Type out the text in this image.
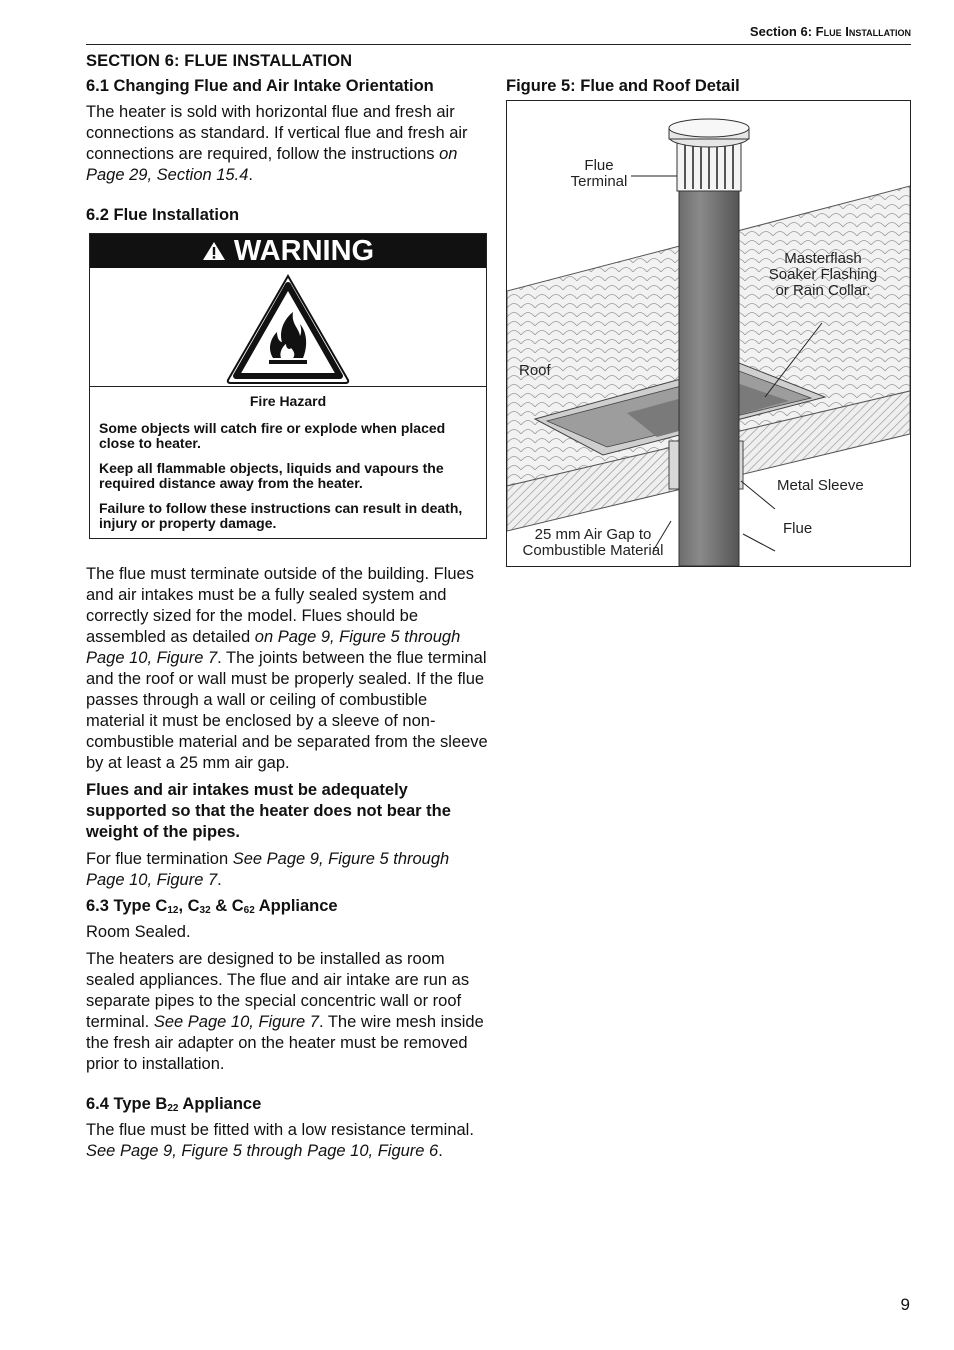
Section 6: Flue Installation
SECTION 6: FLUE INSTALLATION
6.1 Changing Flue and Air Intake Orientation

The heater is sold with horizontal flue and fresh air connections as standard. If vertical flue and fresh air connections are required, follow the instructions on Page 29, Section 15.4.

6.2 Flue Installation
WARNING
Fire Hazard
Some objects will catch fire or explode when placed close to heater.
Keep all flammable objects, liquids and vapours the required distance away from the heater.
Failure to follow these instructions can result in death, injury or property damage.

The flue must terminate outside of the building. Flues and air intakes must be a fully sealed system and correctly sized for the model. Flues should be assembled as detailed on Page 9, Figure 5 through Page 10, Figure 7. The joints between the flue terminal and the roof or wall must be properly sealed. If the flue passes through a wall or ceiling of combustible material it must be enclosed by a sleeve of non-combustible material and be separated from the sleeve by at least a 25 mm air gap.

Flues and air intakes must be adequately supported so that the heater does not bear the weight of the pipes.

For flue termination See Page 9, Figure 5 through Page 10, Figure 7.

6.3 Type $C_{12}$, $C_{32}$ & $C_{62}$ Appliance

Room Sealed.

The heaters are designed to be installed as room sealed appliances. The flue and air intake are run as separate pipes to the special concentric wall or roof terminal. See Page 10, Figure 7. The wire mesh inside the fresh air adapter on the heater must be removed prior to installation.

6.4 Type $B_{22}$ Appliance

The flue must be fitted with a low resistance terminal. See Page 9, Figure 5 through Page 10, Figure 6.

Figure 5: Flue and Roof Detail
Flue
Terminal
Masterflash
Soaker Flashing
or Rain Collar.
Roof
Metal Sleeve
Flue
25 mm Air Gap to
Combustible Material
9
